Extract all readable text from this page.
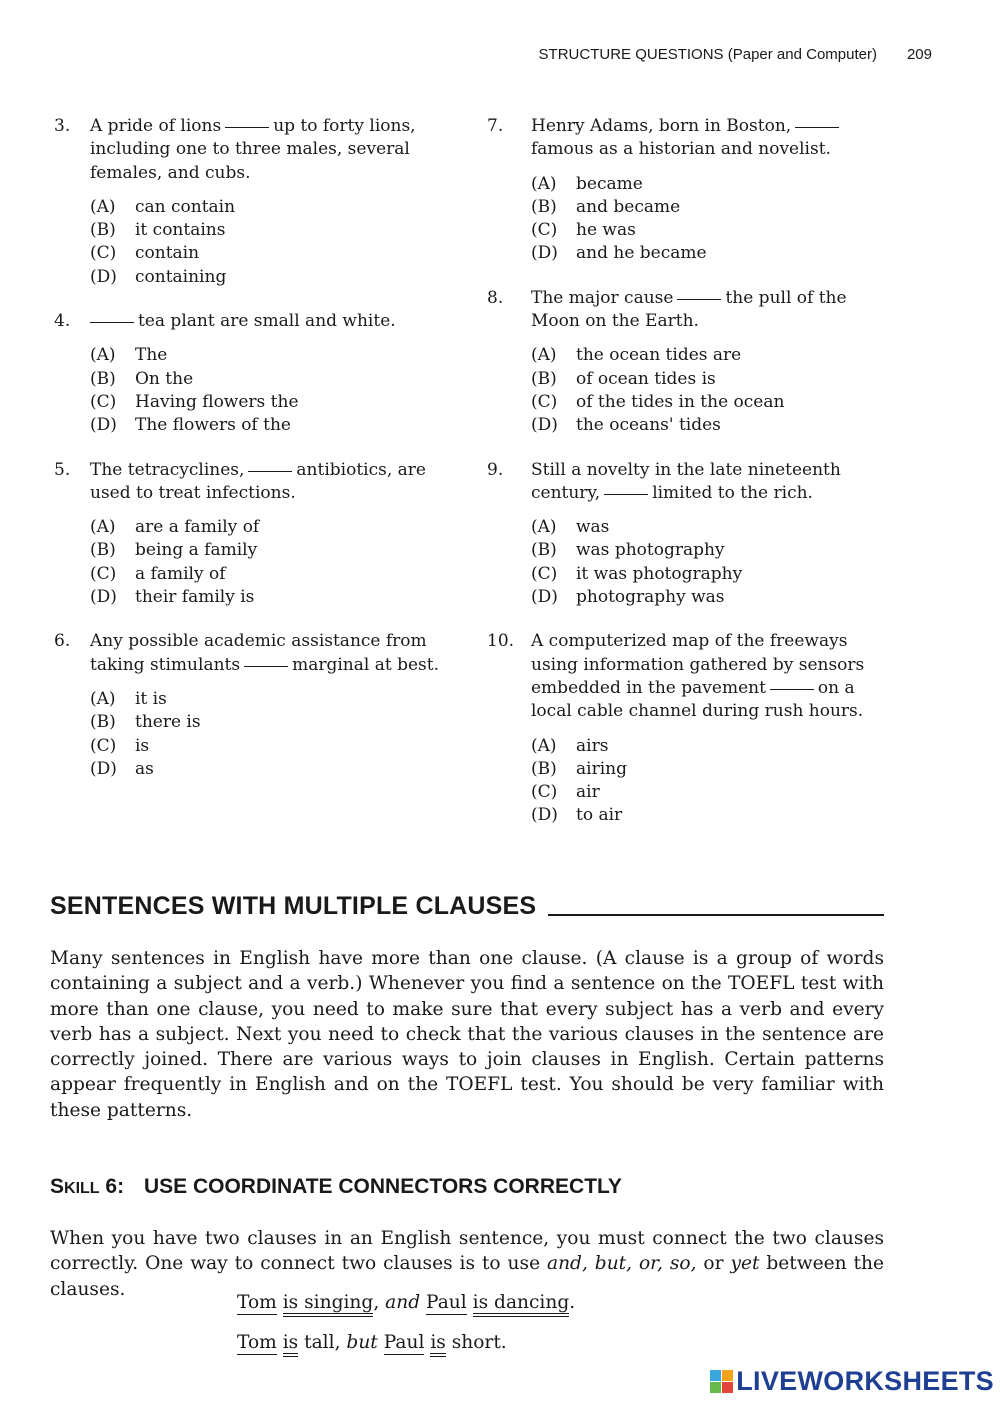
STRUCTURE QUESTIONS (Paper and Computer) 209
3.	A pride of lions	up to forty lions, including one to three males, several females, and cubs.
(A)	can contain
(B)	it contains
(C)	contain
(D)	containing
4.	tea plant are small and white.
(A)	The
(B)	On the
(C)	Having flowers the
(D)	The flowers of the
5.	The tetracyclines,	antibiotics, are used to treat infections.
(A)	are a family of
(B)	being a family
(C)	a family of
(D)	their family is
6.	Any possible academic assistance from taking stimulants	marginal at best.
(A)	it is
(B)	there is
(C)	is
(D)	as
7.	Henry Adams, born in Boston,famous as a historian and novelist.
(A)	became
(B)	and became
(C)	he was
(D)	and he became
8.	The major cause	the pull of the Moon on the Earth.
(A)	the ocean tides are
(B)	of ocean tides is
(C)	of the tides in the ocean
(D)	the oceans' tides
9.	Still a novelty in the late nineteenth century,	limited to the rich.
(A)	was
(B)	was photography
(C)	it was photography
(D)	photography was
10. A computerized map of the freeways using information gathered by sensors embedded in the pavement	on a local cable channel during rush hours.
(A)	airs
(B)	airing
(C)	air
(D)	to air
SENTENCES WITH MULTIPLE CLAUSES

Many sentences in English have more than one clause. (A clause is a group of words containing a subject and a verb.) Whenever you find a sentence on the TOEFL test with more than one clause, you need to make sure that every subject has a verb and every verb has a subject. Next you need to check that the various clauses in the sentence are correctly joined. There are various ways to join clauses in English. Certain patterns appear frequently in English and on the TOEFL test. You should be very familiar with these patterns.

SKILL 6: USE COORDINATE CONNECTORS CORRECTLY

When you have two clauses in an English sentence, you must connect the two clauses correctly. One way to connect two clauses is to use and, but, or, so, or yet between the clauses.

Tom is singing, and Paul is dancing.
Tom is tall, but Paul is short.
LIVEWORKSHEETS
